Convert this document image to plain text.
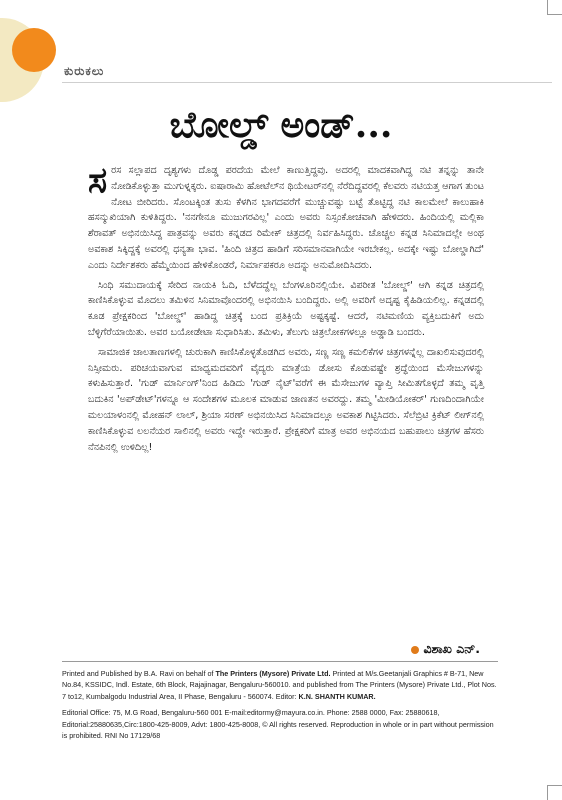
ಕುರುಕಲು
ಬೋಲ್ಡ್ ಅಂಡ್...

ಸರಸ ಸಲ್ಲಾಪದ ದೃಶ್ಯಗಳು ದೊಡ್ಡ ಪರದೆಯ ಮೇಲೆ ಕಾಣುತ್ತಿದ್ದವು. ಅದರಲ್ಲಿ ಮಾದಕವಾಗಿದ್ದ ನಟಿ ತನ್ನನ್ನು ತಾನೇ ನೋಡಿಕೊಳ್ಳುತ್ತಾ ಮುಗುಳ್ನಕ್ಕರು. ಐಷಾರಾಮಿ ಹೋಟೆಲ್‌ನ ಥಿಯೇಟರ್‌ನಲ್ಲಿ ನೆರೆದಿದ್ದವರಲ್ಲಿ ಕೆಲವರು ನಟಿಯತ್ತ ಆಗಾಗ ತುಂಟ ನೋಟ ಬೀರಿದರು. ಸೊಂಟಕ್ಕಿಂತ ತುಸು ಕೆಳಗಿನ ಭಾಗದವರೆಗೆ ಮುಚ್ಚುವಷ್ಟು ಬಟ್ಟೆ ತೊಟ್ಟಿದ್ದ ನಟಿ ಕಾಲಮೇಲೆ ಕಾಲುಹಾಕಿ ಹಸನ್ಮುಖಿಯಾಗಿ ಕುಳಿತಿದ್ದರು. 'ನನಗೇನೂ ಮುಜುಗರವಿಲ್ಲ' ಎಂದು ಅವರು ನಿಸ್ಸಂಕೋಚವಾಗಿ ಹೇಳಿದರು. ಹಿಂದಿಯಲ್ಲಿ ಮಲ್ಲಿಕಾ ಶೆರಾವತ್ ಅಭಿನಯಿಸಿದ್ದ ಪಾತ್ರವನ್ನು ಅವರು ಕನ್ನಡದ ರಿಮೇಕ್ ಚಿತ್ರದಲ್ಲಿ ನಿರ್ವಹಿಸಿದ್ದರು. ಚೊಚ್ಚಲ ಕನ್ನಡ ಸಿನಿಮಾದಲ್ಲೇ ಅಂಥ ಅವಕಾಶ ಸಿಕ್ಕಿದ್ದಕ್ಕೆ ಅವರಲ್ಲಿ ಧನ್ಯತಾ ಭಾವ. 'ಹಿಂದಿ ಚಿತ್ರದ ಹಾಡಿಗೆ ಸರಿಸಮಾನವಾಗಿಯೇ ಇರಬೇಕಲ್ಲ. ಅದಕ್ಕೇ ಇಷ್ಟು ಬೋಲ್ಡಾಗಿದೆ' ಎಂದು ನಿರ್ದೇಶಕರು ಹೆಮ್ಮೆಯಿಂದ ಹೇಳಿಕೊಂಡರೆ, ನಿರ್ಮಾಪಕರೂ ಅದನ್ನು ಅನುಮೋದಿಸಿದರು.

ಸಿಂಧಿ ಸಮುದಾಯಕ್ಕೆ ಸೇರಿದ ನಾಯಕಿ ಓದಿ, ಬೆಳೆದದ್ದೆಲ್ಲ ಬೆಂಗಳೂರಿನಲ್ಲಿಯೇ. ವಿಪರೀತ 'ಬೋಲ್ಡ್' ಆಗಿ ಕನ್ನಡ ಚಿತ್ರದಲ್ಲಿ ಕಾಣಿಸಿಕೊಳ್ಳುವ ಮೊದಲು ತಮಿಳಿನ ಸಿನಿಮಾವೊಂದರಲ್ಲಿ ಅಭಿನಯಿಸಿ ಬಂದಿದ್ದರು. ಅಲ್ಲಿ ಅವರಿಗೆ ಅದೃಷ್ಟ ಕೈಹಿಡಿಯಲಿಲ್ಲ. ಕನ್ನಡದಲ್ಲಿ ಕೂಡ ಪ್ರೇಕ್ಷಕರಿಂದ 'ಬೋಲ್ಡ್' ಹಾಡಿದ್ದ ಚಿತ್ರಕ್ಕೆ ಬಂದ ಪ್ರತಿಕ್ರಿಯೆ ಅಷ್ಟಕ್ಕಷ್ಟೆ. ಆದರೆ, ನಟಿಮಣಿಯ ವ್ಯಕ್ತಿಬದುಕಿಗೆ ಅದು ಬೆಳ್ಳಿಗೆರೆಯಾಯಿತು. ಅವರ ಬಯೋಡೇಟಾ ಸುಧಾರಿಸಿತು. ತಮಿಳು, ತೆಲುಗು ಚಿತ್ರಲೋಕಗಳಲ್ಲೂ ಅಡ್ಡಾಡಿ ಬಂದರು.

ಸಾಮಾಜಿಕ ಜಾಲತಾಣಗಳಲ್ಲಿ ಚುರುಕಾಗಿ ಕಾಣಿಸಿಕೊಳ್ಳತೊಡಗಿದ ಅವರು, ಸಣ್ಣ ಸಣ್ಣ ಕಮಲಿಕೆಗಳ ಚಿತ್ರಗಳನ್ನೆಲ್ಲ ದಾಖಲಿಸುವುದರಲ್ಲಿ ನಿಸ್ಸೀಮರು. ಪರಿಚಯವಾಗುವ ಮಾಧ್ಯಮದವರಿಗೆ ವೈದ್ಯರು ಮಾತ್ರೆಯ ಡೋಸು ಕೊಡುವಷ್ಟೇ ಶ್ರದ್ಧೆಯಿಂದ ಮೆಸೇಜುಗಳನ್ನು ಕಳುಹಿಸುತ್ತಾರೆ. 'ಗುಡ್ ಮಾರ್ನಿಂಗ್'ನಿಂದ ಹಿಡಿದು 'ಗುಡ್ ನೈಟ್'ವರೆಗೆ ಈ ಮೆಸೇಜುಗಳ ವ್ಯಾಪ್ತಿ ಸೀಮಿತಗೊಳ್ಳದೆ ತಮ್ಮ ವೃತ್ತಿ ಬದುಕಿನ 'ಅಪ್‌ಡೇಟ್'ಗಳನ್ನೂ ಆ ಸಂದೇಶಗಳ ಮೂಲಕ ಮಾಡುವ ಜಾಣತನ ಅವರದ್ದು. ತಮ್ಮ 'ಮೀಡಿಯೋಕರ್' ಗುಣದಿಂದಾಗಿಯೇ ಮಲಯಾಳಂನಲ್ಲಿ ಮೋಹನ್ ಲಾಲ್, ಶ್ರಿಯಾ ಸರಣ್ ಅಭಿನಯಿಸಿದ ಸಿನಿಮಾದಲ್ಲೂ ಅವಕಾಶ ಗಿಟ್ಟಿಸಿದರು. ಸೆಲೆಬ್ರಿಟಿ ಕ್ರಿಕೆಟ್ ಲೀಗ್‌ನಲ್ಲಿ ಕಾಣಿಸಿಕೊಳ್ಳುವ ಲಲನೆಯರ ಸಾಲಿನಲ್ಲಿ ಅವರು ಇದ್ದೇ ಇರುತ್ತಾರೆ. ಪ್ರೇಕ್ಷಕರಿಗೆ ಮಾತ್ರ ಅವರ ಅಭಿನಯದ ಬಹುಪಾಲು ಚಿತ್ರಗಳ ಹೆಸರು ನೆನಪಿನಲ್ಲಿ ಉಳಿದಿಲ್ಲ!

ವಿಶಾಖ ಎನ್.

Printed and Published by B.A. Ravi on behalf of The Printers (Mysore) Private Ltd. Printed at M/s.Geetanjali Graphics # B-71, New No.84, KSSIDC, Indl. Estate, 6th Block, Rajajinagar, Bengaluru-560010. and published from The Printers (Mysore) Private Ltd., Plot Nos. 7 to12, Kumbalgodu Industrial Area, II Phase, Bengaluru - 560074. Editor: K.N. SHANTH KUMAR.

Editorial Office: 75, M.G Road, Bengaluru-560 001 E-mail:editormy@mayura.co.in. Phone: 2588 0000, Fax: 25880618, Editorial:25880635,Circ:1800-425-8009, Advt: 1800-425-8008, © All rights reserved. Reproduction in whole or in part without permission is prohibited. RNI No 17129/68
